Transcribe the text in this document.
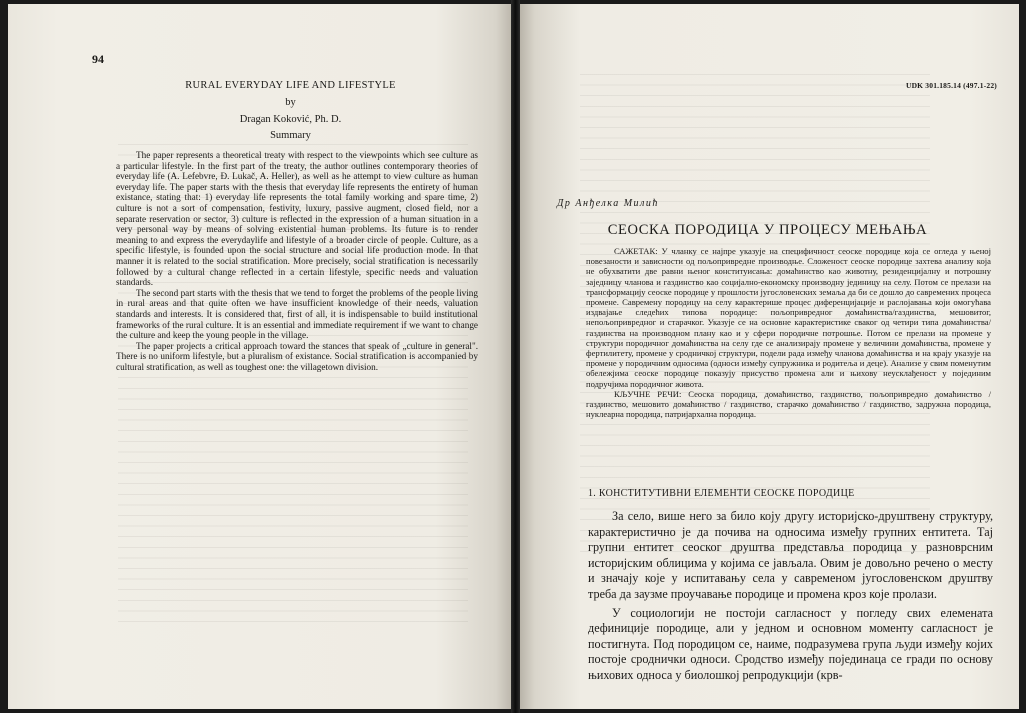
94
RURAL EVERYDAY LIFE AND LIFESTYLE
by
Dragan Koković, Ph. D.
Summary

The paper represents a theoretical treaty with respect to the viewpoints which see culture as a particular lifestyle. In the first part of the treaty, the author outlines contemporary theories of everyday life (A. Lefebvre, Đ. Lukač, A. Heller), as well as he attempt to view culture as human everyday life. The paper starts with the thesis that everyday life represents the entirety of human existance, stating that: 1) everyday life represents the total family working and spare time, 2) culture is not a sort of compensation, festivity, luxury, passive augment, closed field, nor a separate reservation or sector, 3) culture is reflected in the expression of a human situation in a very personal way by means of solving existential human problems. Its future is to render meaning to and express the everydaylife and lifestyle of a broader circle of people. Culture, as a specific lifestyle, is founded upon the social structure and social life production mode. In that manner it is related to the social stratification. More precisely, social stratification is necessarily followed by a cultural change reflected in a certain lifestyle, specific needs and valuation standards.

The second part starts with the thesis that we tend to forget the problems of the people living in rural areas and that quite often we have insufficient knowledge of their needs, valuation standards and interests. It is considered that, first of all, it is indispensable to build institutional frameworks of the rural culture. It is an essential and immediate requirement if we want to change the culture and keep the young people in the village.

The paper projects a critical approach toward the stances that speak of „culture in general". There is no uniform lifestyle, but a pluralism of existance. Social stratification is accompanied by cultural stratification, as well as toughest one: the villagetown division.

UDK 301.185.14 (497.1-22)
Др Анђелка Милић
СЕОСКА ПОРОДИЦА У ПРОЦЕСУ МЕЊАЊА

САЖЕТАК: У чланку се најпре указује на специфичност сеоске породице која се огледа у њеној повезаности и зависности од пољопривредне производње. Сложеност сеоске породице захтева анализу која не обухватити две равни њеног конституисања: домаћинство као животну, резиденцијалну и потрошну заједницу чланова и газдинство као социјално-економску производну јединицу на селу. Потом се прелази на трансформацију сеоске породице у прошлости југословенских земаља да би се дошло до савремених процеса промене. Савремену породицу на селу карактерише процес диференцијације и раслојавања који омогућава издвајање следећих типова породице: пољопривредног домаћинства/газдинства, мешовитог, непољопривредног и старачког. Указује се на основне карактеристике сваког од четири типа домаћинства/газдинства на производном плану као и у сфери породичне потрошње. Потом се прелази на промене у структури породичног домаћинства на селу где се анализирају промене у величини домаћинства, промене у фертилитету, промене у сродничкој структури, подели рада између чланова домаћинства и на крају указује на промене у породичним односима (односи између супружника и родитеља и деце). Анализе у свим поменутим обележјима сеоске породице показују присуство промена али и њихову неусклађеност у појединим подручјима породичног живота.

КЉУЧНЕ РЕЧИ: Сеоска породица, домаћинство, газдинство, пољопривредно домаћинство / газдинство, мешовито домаћинство / газдинство, старачко домаћинство / газдинство, задружна породица, нуклеарна породица, патријархална породица.

1. КОНСТИТУТИВНИ ЕЛЕМЕНТИ СЕОСКЕ ПОРОДИЦЕ

За село, више него за било коју другу историјско-друштвену структуру, карактеристично је да почива на односима између групних ентитета. Тај групни ентитет сеоског друштва представља породица у разноврсним историјским облицима у којима се јављала. Овим је довољно речено о месту и значају које у испитавању села у савременом југословенском друштву треба да заузме проучавање породице и промена кроз које пролази.

У социологији не постоји сагласност у погледу свих елемената дефиниције породице, али у једном и основном моменту сагласност је постигнута. Под породицом се, наиме, подразумева група људи између којих постоје сроднички односи. Сродство између појединаца се гради по основу њихових односа у биолошкој репродукцији (крв-
